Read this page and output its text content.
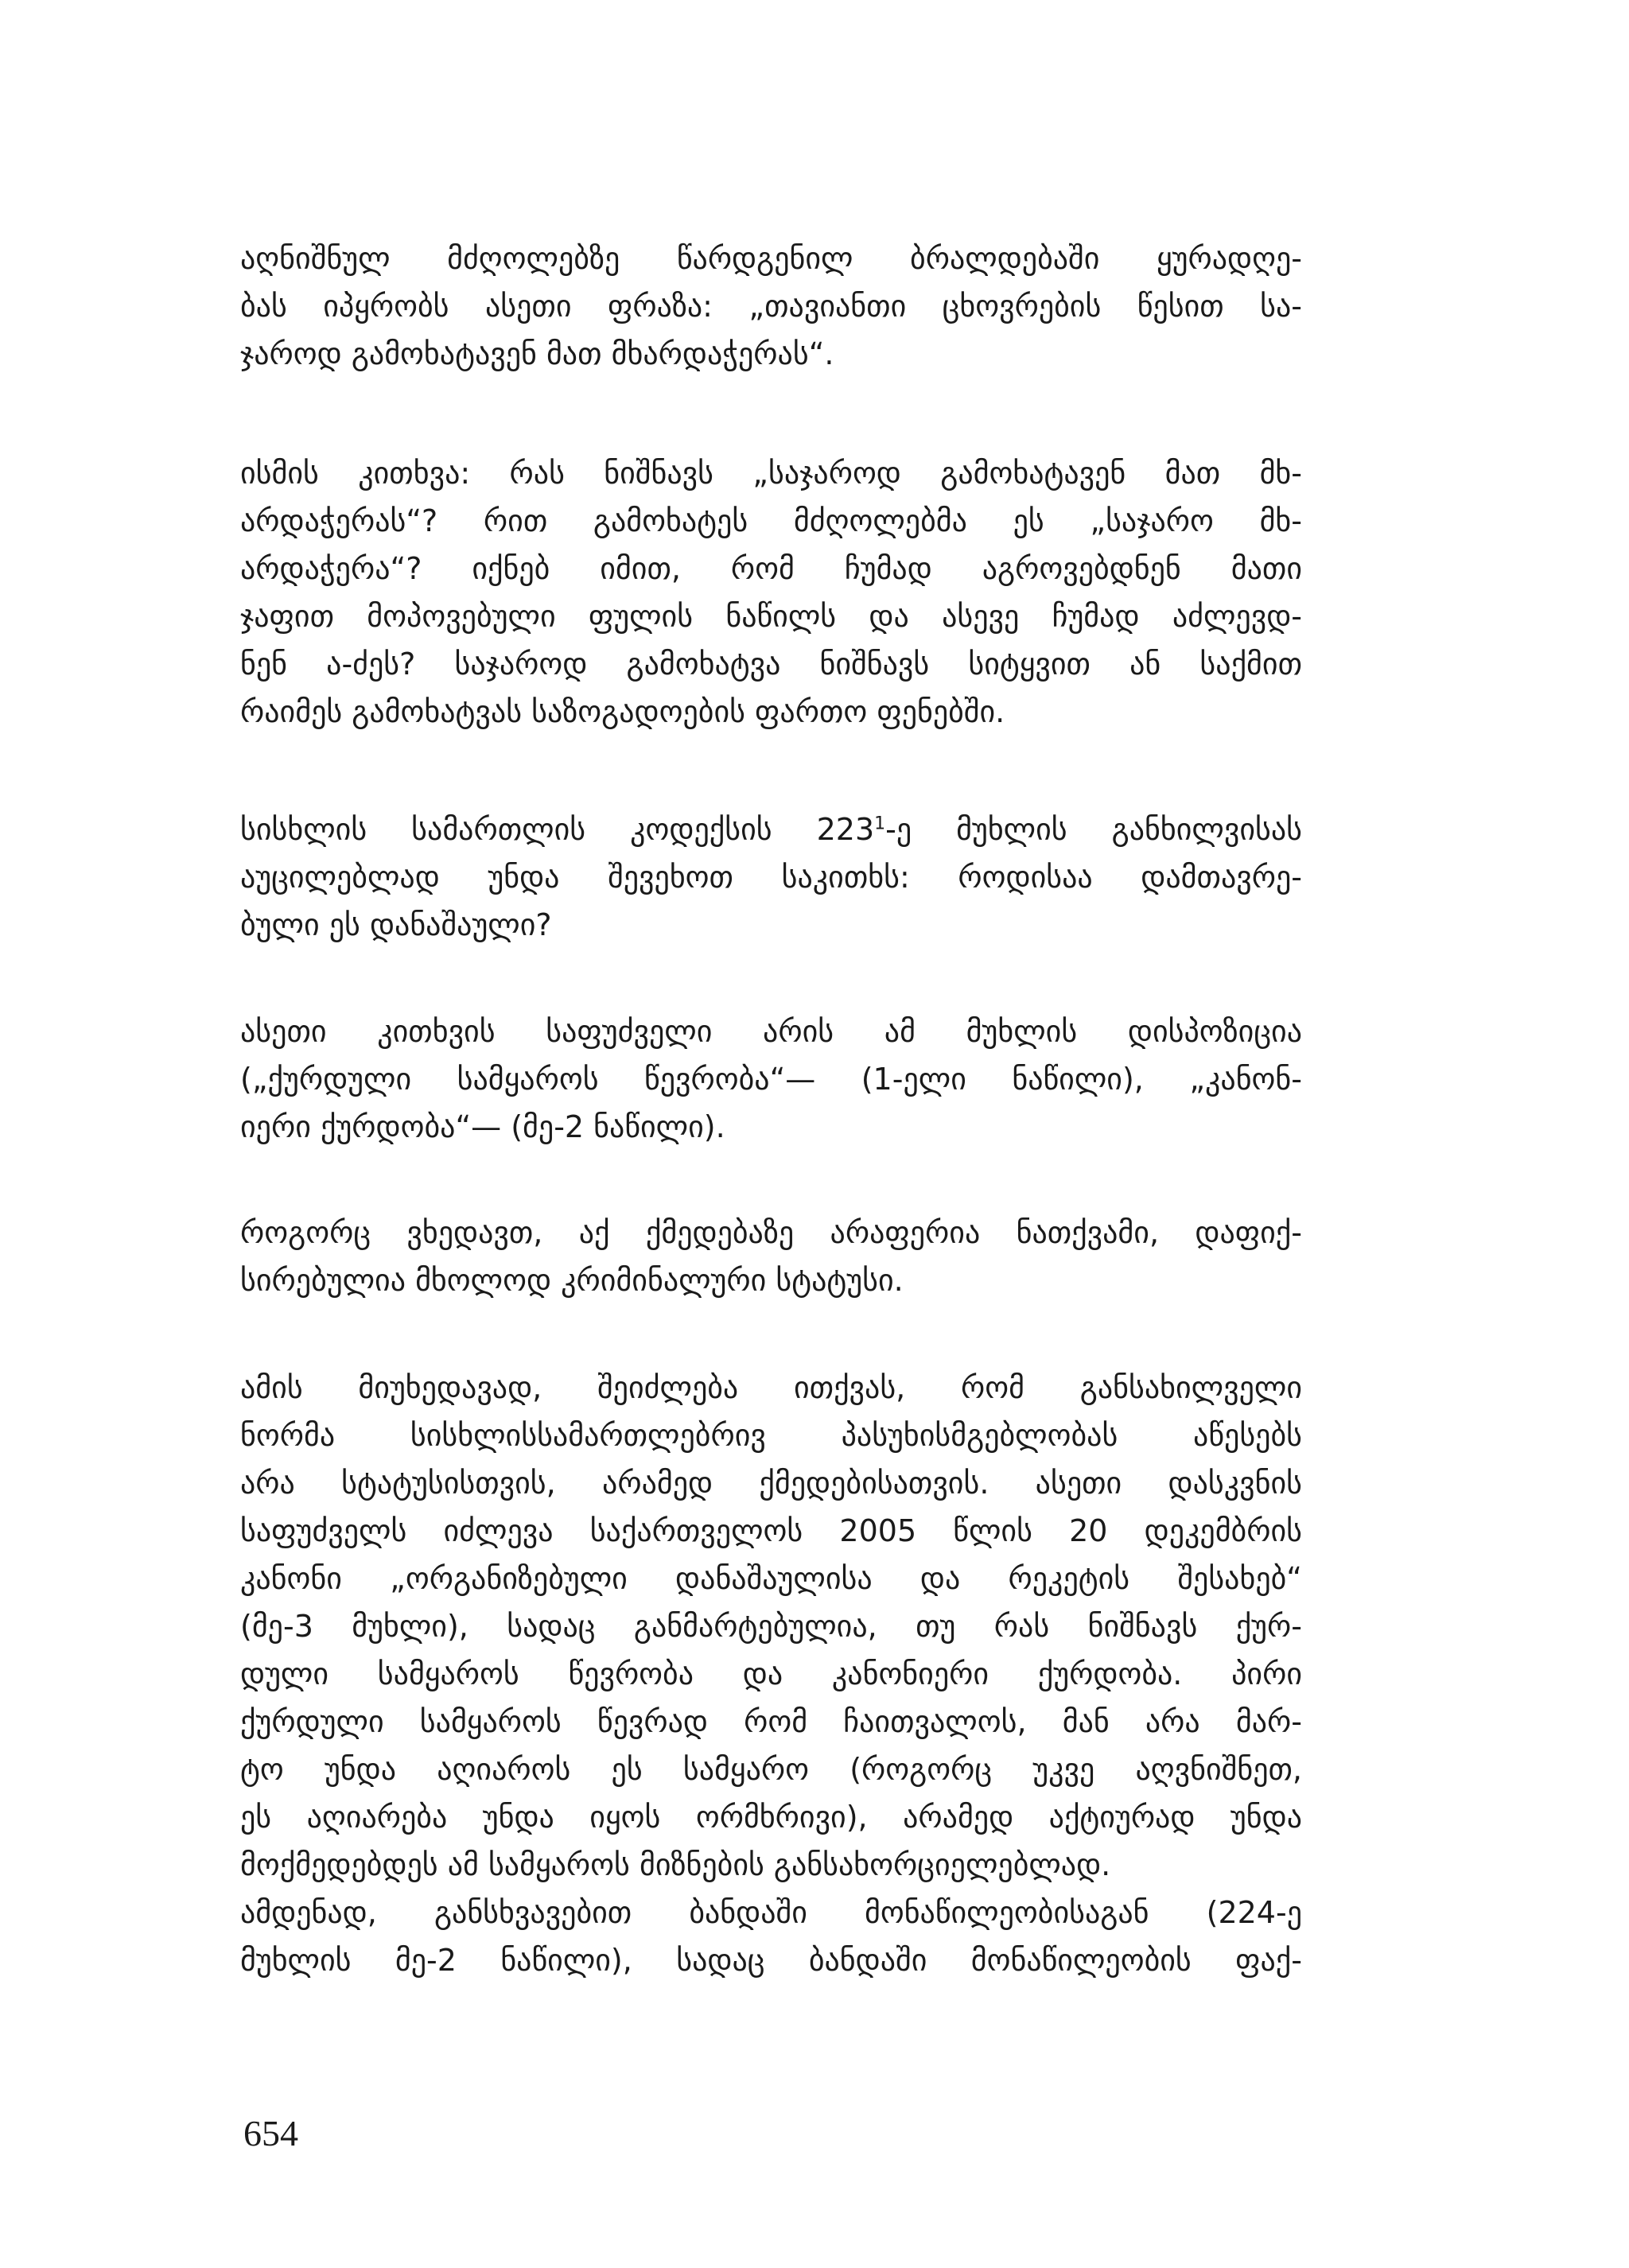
აღნიშნულ მძღოლებზე წარდგენილ ბრალდებაში ყურადღე-
ბას იპყრობს ასეთი ფრაზა: „თავიანთი ცხოვრების წესით სა-
ჯაროდ გამოხატავენ მათ მხარდაჭერას“.
ისმის კითხვა: რას ნიშნავს „საჯაროდ გამოხატავენ მათ მხ-
არდაჭერას“? რით გამოხატეს მძღოლებმა ეს „საჯარო მხ-
არდაჭერა“? იქნებ იმით, რომ ჩუმად აგროვებდნენ მათი
ჯაფით მოპოვებული ფულის ნაწილს და ასევე ჩუმად აძლევდ-
ნენ ა-ძეს? საჯაროდ გამოხატვა ნიშნავს სიტყვით ან საქმით
რაიმეს გამოხატვას საზოგადოების ფართო ფენებში.
სისხლის სამართლის კოდექსის $223^1-ე$ მუხლის განხილვისას
აუცილებლად უნდა შევეხოთ საკითხს: როდისაა დამთავრე-
ბული ეს დანაშაული?
ასეთი კითხვის საფუძველი არის ამ მუხლის დისპოზიცია
(„ქურდული სამყაროს წევრობა“— (1-ელი ნაწილი), „კანონ-
იერი ქურდობა“— (მე-2 ნაწილი).
როგორც ვხედავთ, აქ ქმედებაზე არაფერია ნათქვამი, დაფიქ-
სირებულია მხოლოდ კრიმინალური სტატუსი.
ამის მიუხედავად, შეიძლება ითქვას, რომ განსახილველი
ნორმა სისხლისსამართლებრივ პასუხისმგებლობას აწესებს
არა სტატუსისთვის, არამედ ქმედებისათვის. ასეთი დასკვნის
საფუძველს იძლევა საქართველოს 2005 წლის 20 დეკემბრის
კანონი „ორგანიზებული დანაშაულისა და რეკეტის შესახებ“
(მე-3 მუხლი), სადაც განმარტებულია, თუ რას ნიშნავს ქურ-
დული სამყაროს წევრობა და კანონიერი ქურდობა. პირი
ქურდული სამყაროს წევრად რომ ჩაითვალოს, მან არა მარ-
ტო უნდა აღიაროს ეს სამყარო (როგორც უკვე აღვნიშნეთ,
ეს აღიარება უნდა იყოს ორმხრივი), არამედ აქტიურად უნდა
მოქმედებდეს ამ სამყაროს მიზნების განსახორციელებლად.
ამდენად, განსხვავებით ბანდაში მონაწილეობისაგან (224-ე
მუხლის მე-2 ნაწილი), სადაც ბანდაში მონაწილეობის ფაქ-
654
